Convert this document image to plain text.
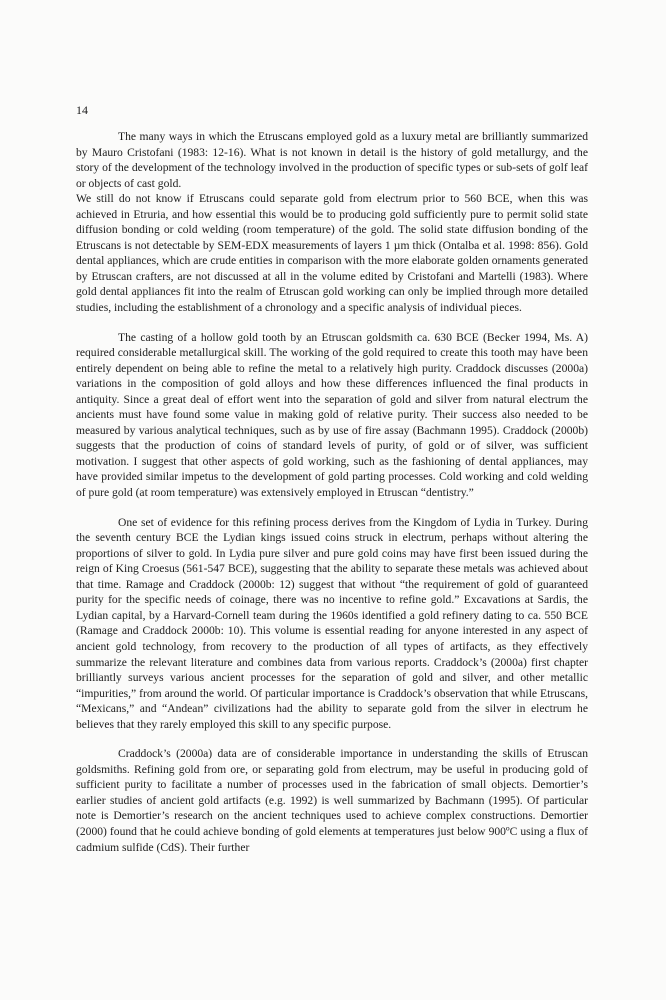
14

The many ways in which the Etruscans employed gold as a luxury metal are brilliantly summarized by Mauro Cristofani (1983: 12-16). What is not known in detail is the history of gold metallurgy, and the story of the development of the technology involved in the production of specific types or sub-sets of golf leaf or objects of cast gold.

We still do not know if Etruscans could separate gold from electrum prior to 560 BCE, when this was achieved in Etruria, and how essential this would be to producing gold sufficiently pure to permit solid state diffusion bonding or cold welding (room temperature) of the gold. The solid state diffusion bonding of the Etruscans is not detectable by SEM-EDX measurements of layers 1 µm thick (Ontalba et al. 1998: 856). Gold dental appliances, which are crude entities in comparison with the more elaborate golden ornaments generated by Etruscan crafters, are not discussed at all in the volume edited by Cristofani and Martelli (1983). Where gold dental appliances fit into the realm of Etruscan gold working can only be implied through more detailed studies, including the establishment of a chronology and a specific analysis of individual pieces.

The casting of a hollow gold tooth by an Etruscan goldsmith ca. 630 BCE (Becker 1994, Ms. A) required considerable metallurgical skill. The working of the gold required to create this tooth may have been entirely dependent on being able to refine the metal to a relatively high purity. Craddock discusses (2000a) variations in the composition of gold alloys and how these differences influenced the final products in antiquity. Since a great deal of effort went into the separation of gold and silver from natural electrum the ancients must have found some value in making gold of relative purity. Their success also needed to be measured by various analytical techniques, such as by use of fire assay (Bachmann 1995). Craddock (2000b) suggests that the production of coins of standard levels of purity, of gold or of silver, was sufficient motivation. I suggest that other aspects of gold working, such as the fashioning of dental appliances, may have provided similar impetus to the development of gold parting processes. Cold working and cold welding of pure gold (at room temperature) was extensively employed in Etruscan “dentistry.”

One set of evidence for this refining process derives from the Kingdom of Lydia in Turkey. During the seventh century BCE the Lydian kings issued coins struck in electrum, perhaps without altering the proportions of silver to gold. In Lydia pure silver and pure gold coins may have first been issued during the reign of King Croesus (561-547 BCE), suggesting that the ability to separate these metals was achieved about that time. Ramage and Craddock (2000b: 12) suggest that without “the requirement of gold of guaranteed purity for the specific needs of coinage, there was no incentive to refine gold.” Excavations at Sardis, the Lydian capital, by a Harvard-Cornell team during the 1960s identified a gold refinery dating to ca. 550 BCE (Ramage and Craddock 2000b: 10). This volume is essential reading for anyone interested in any aspect of ancient gold technology, from recovery to the production of all types of artifacts, as they effectively summarize the relevant literature and combines data from various reports. Craddock’s (2000a) first chapter brilliantly surveys various ancient processes for the separation of gold and silver, and other metallic “impurities,” from around the world. Of particular importance is Craddock’s observation that while Etruscans, “Mexicans,” and “Andean” civilizations had the ability to separate gold from the silver in electrum he believes that they rarely employed this skill to any specific purpose.

Craddock’s (2000a) data are of considerable importance in understanding the skills of Etruscan goldsmiths. Refining gold from ore, or separating gold from electrum, may be useful in producing gold of sufficient purity to facilitate a number of processes used in the fabrication of small objects. Demortier’s earlier studies of ancient gold artifacts (e.g. 1992) is well summarized by Bachmann (1995). Of particular note is Demortier’s research on the ancient techniques used to achieve complex constructions. Demortier (2000) found that he could achieve bonding of gold elements at temperatures just below 900ºC using a flux of cadmium sulfide (CdS). Their further
